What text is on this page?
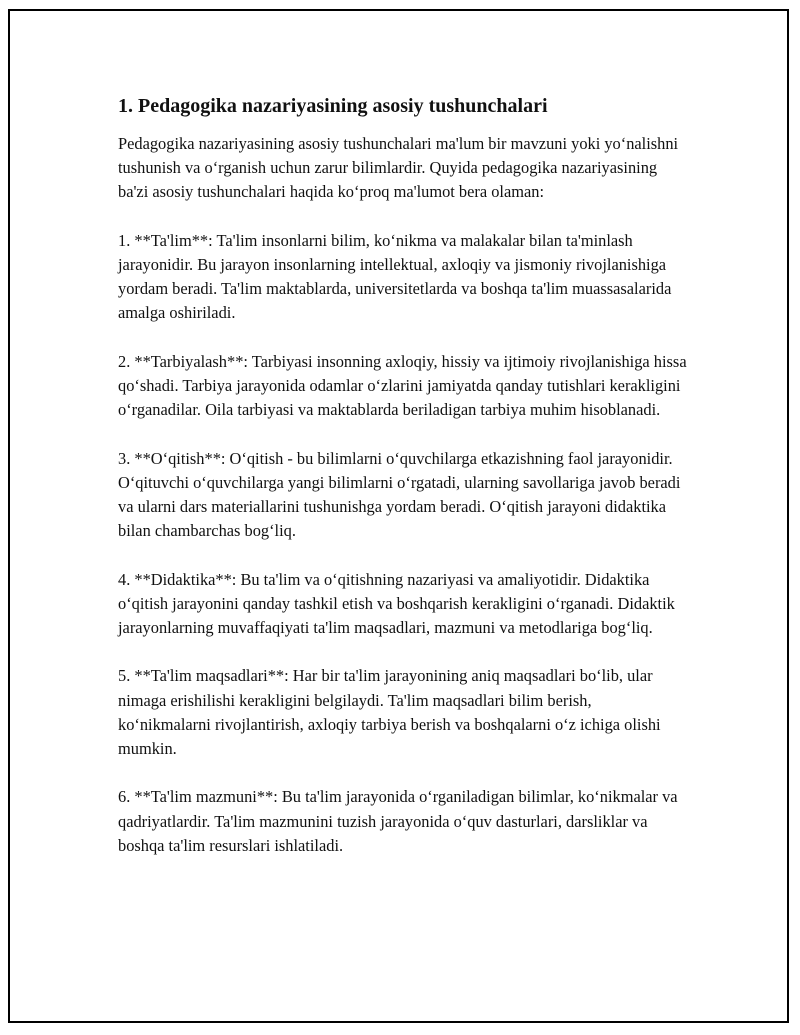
1. Pedagogika nazariyasining asosiy tushunchalari

Pedagogika nazariyasining asosiy tushunchalari ma'lum bir mavzuni yoki yo‘nalishni tushunish va o‘rganish uchun zarur bilimlardir. Quyida pedagogika nazariyasining ba'zi asosiy tushunchalari haqida ko‘proq ma'lumot bera olaman:

1. **Ta'lim**: Ta'lim insonlarni bilim, ko‘nikma va malakalar bilan ta'minlash jarayonidir. Bu jarayon insonlarning intellektual, axloqiy va jismoniy rivojlanishiga yordam beradi. Ta'lim maktablarda, universitetlarda va boshqa ta'lim muassasalarida amalga oshiriladi.

2. **Tarbiyalash**: Tarbiyasi insonning axloqiy, hissiy va ijtimoiy rivojlanishiga hissa qo‘shadi. Tarbiya jarayonida odamlar o‘zlarini jamiyatda qanday tutishlari kerakligini o‘rganadilar. Oila tarbiyasi va maktablarda beriladigan tarbiya muhim hisoblanadi.

3. **O‘qitish**: O‘qitish - bu bilimlarni o‘quvchilarga etkazishning faol jarayonidir. O‘qituvchi o‘quvchilarga yangi bilimlarni o‘rgatadi, ularning savollariga javob beradi va ularni dars materiallarini tushunishga yordam beradi. O‘qitish jarayoni didaktika bilan chambarchas bog‘liq.

4. **Didaktika**: Bu ta'lim va o‘qitishning nazariyasi va amaliyotidir. Didaktika o‘qitish jarayonini qanday tashkil etish va boshqarish kerakligini o‘rganadi. Didaktik jarayonlarning muvaffaqiyati ta'lim maqsadlari, mazmuni va metodlariga bog‘liq.

5. **Ta'lim maqsadlari**: Har bir ta'lim jarayonining aniq maqsadlari bo‘lib, ular nimaga erishilishi kerakligini belgilaydi. Ta'lim maqsadlari bilim berish, ko‘nikmalarni rivojlantirish, axloqiy tarbiya berish va boshqalarni o‘z ichiga olishi mumkin.

6. **Ta'lim mazmuni**: Bu ta'lim jarayonida o‘rganiladigan bilimlar, ko‘nikmalar va qadriyatlardir. Ta'lim mazmunini tuzish jarayonida o‘quv dasturlari, darsliklar va boshqa ta'lim resurslari ishlatiladi.
